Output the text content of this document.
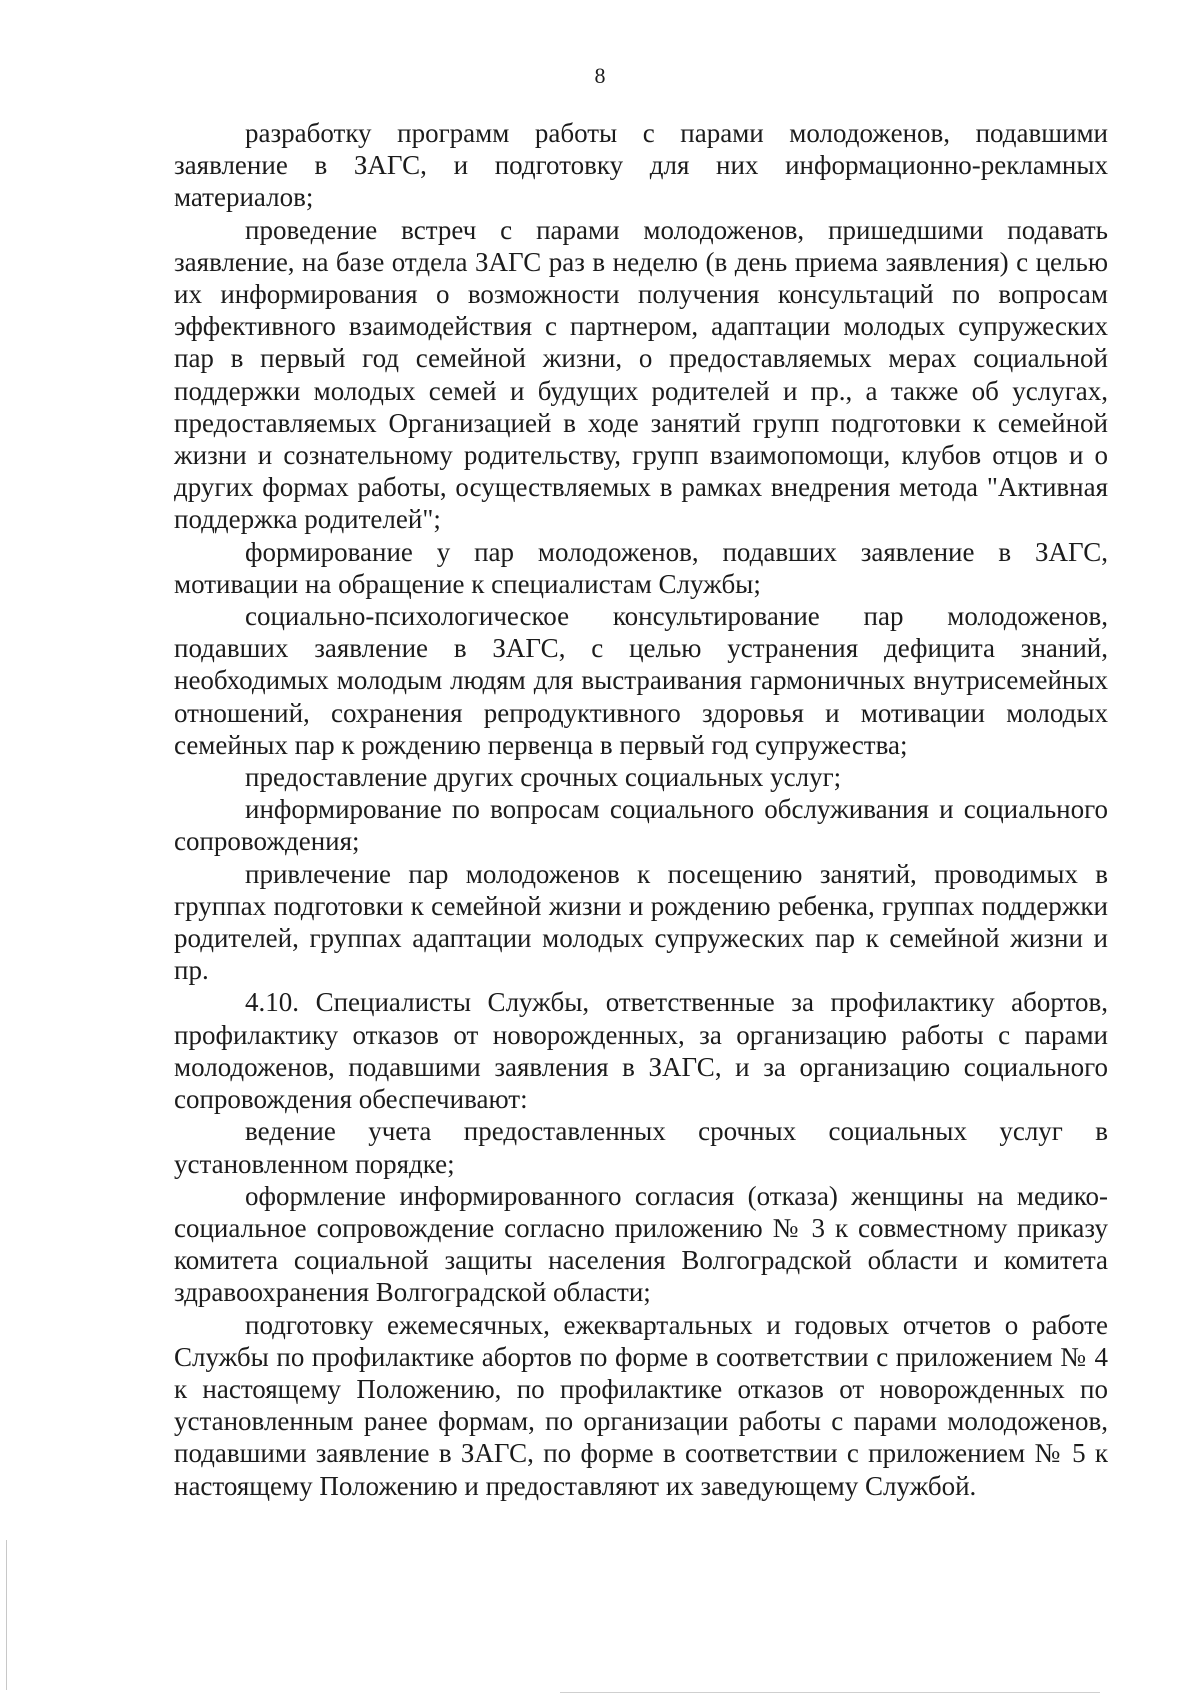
8

разработку программ работы с парами молодоженов, подавшими заявление в ЗАГС, и подготовку для них информационно-рекламных материалов;

проведение встреч с парами молодоженов, пришедшими подавать заявление, на базе отдела ЗАГС раз в неделю (в день приема заявления) с целью их информирования о возможности получения консультаций по вопросам эффективного взаимодействия с партнером, адаптации молодых супружеских пар в первый год семейной жизни, о предоставляемых мерах социальной поддержки молодых семей и будущих родителей и пр., а также об услугах, предоставляемых Организацией в ходе занятий групп подготовки к семейной жизни и сознательному родительству, групп взаимопомощи, клубов отцов и о других формах работы, осуществляемых в рамках внедрения метода "Активная поддержка родителей";

формирование у пар молодоженов, подавших заявление в ЗАГС, мотивации на обращение к специалистам Службы;

социально-психологическое консультирование пар молодоженов, подавших заявление в ЗАГС, с целью устранения дефицита знаний, необходимых молодым людям для выстраивания гармоничных внутрисемейных отношений, сохранения репродуктивного здоровья и мотивации молодых семейных пар к рождению первенца в первый год супружества;

предоставление других срочных социальных услуг;

информирование по вопросам социального обслуживания и социального сопровождения;

привлечение пар молодоженов к посещению занятий, проводимых в группах подготовки к семейной жизни и рождению ребенка, группах поддержки родителей, группах адаптации молодых супружеских пар к семейной жизни и пр.

4.10. Специалисты Службы, ответственные за профилактику абортов, профилактику отказов от новорожденных, за организацию работы с парами молодоженов, подавшими заявления в ЗАГС, и за организацию социального сопровождения обеспечивают:

ведение учета предоставленных срочных социальных услуг в установленном порядке;

оформление информированного согласия (отказа) женщины на медико-социальное сопровождение согласно приложению № 3 к совместному приказу комитета социальной защиты населения Волгоградской области и комитета здравоохранения Волгоградской области;

подготовку ежемесячных, ежеквартальных и годовых отчетов о работе Службы по профилактике абортов по форме в соответствии с приложением № 4 к настоящему Положению, по профилактике отказов от новорожденных по установленным ранее формам, по организации работы с парами молодоженов, подавшими заявление в ЗАГС, по форме в соответствии с приложением № 5 к настоящему Положению и предоставляют их заведующему Службой.
